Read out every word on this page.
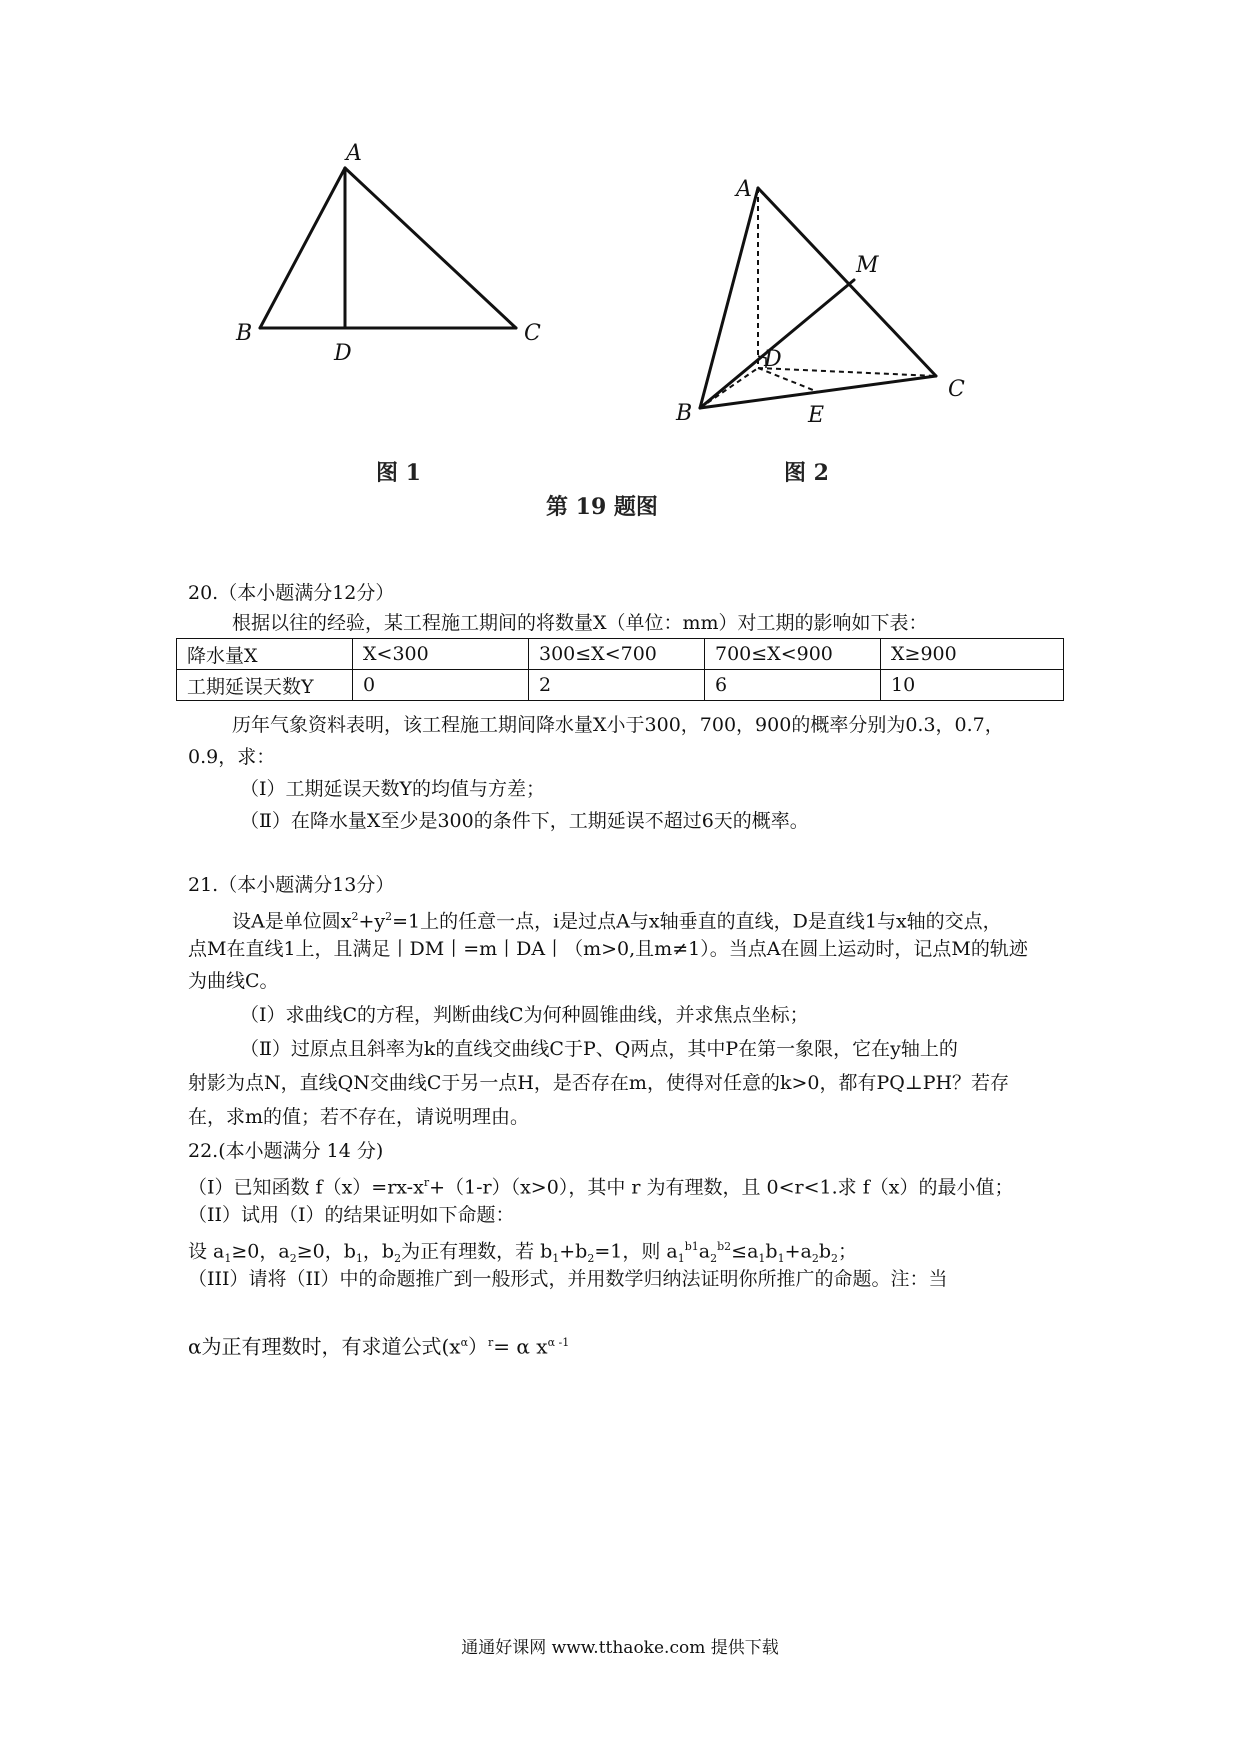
A
B	C
D
图 1
A
B
C
D
E
M
图 2
第 19 题图
20.（本小题满分12分）
根据以往的经验，某工程施工期间的将数量X（单位：mm）对工期的影响如下表：
降水量X	X<300	300≤X<700	700≤X<900	X≥900
工期延误天数Y	0	2	6	10
历年气象资料表明，该工程施工期间降水量X小于300，700，900的概率分别为0.3，0.7，
0.9，求：
（I）工期延误天数Y的均值与方差；
（Ⅱ）在降水量X至少是300的条件下，工期延误不超过6天的概率。
21.（本小题满分13分）
设A是单位圆$x^2+y^2=1$上的任意一点，i是过点A与x轴垂直的直线，D是直线1与x轴的交点，
点M在直线1上，且满足丨DM丨=m丨DA丨（m>0,且m≠1）。当点A在圆上运动时，记点M的轨迹
为曲线C。
（I）求曲线C的方程，判断曲线C为何种圆锥曲线，并求焦点坐标；
（Ⅱ）过原点且斜率为k的直线交曲线C于P、Q两点，其中P在第一象限，它在y轴上的
射影为点N，直线QN交曲线C于另一点H，是否存在m，使得对任意的k>0，都有PQ⊥PH？若存
在，求m的值；若不存在，请说明理由。
22.(本小题满分 14 分)
（I）已知函数 $f(x)=rx-x^r+(1-r)(x>0)$，其中 r 为有理数，且 0<r<1.求 f（x）的最小值；
（II）试用（I）的结果证明如下命题：
设 $a_1\ge 0$，$a_2\ge 0$，$b_1$，$b_2$为正有理数，若 $b_1+b_2=1$，则 $a_1^{b1}a_2^{b2}\le a_1b_1+a_2b_2$；
（III）请将（II）中的命题推广到一般形式，并用数学归纳法证明你所推广的命题。注：当
α为正有理数时，有求道公式$(x^\alpha)^r= \alpha$ $x^{\alpha -1}$
通通好课网 www.tthaoke.com 提供下载
